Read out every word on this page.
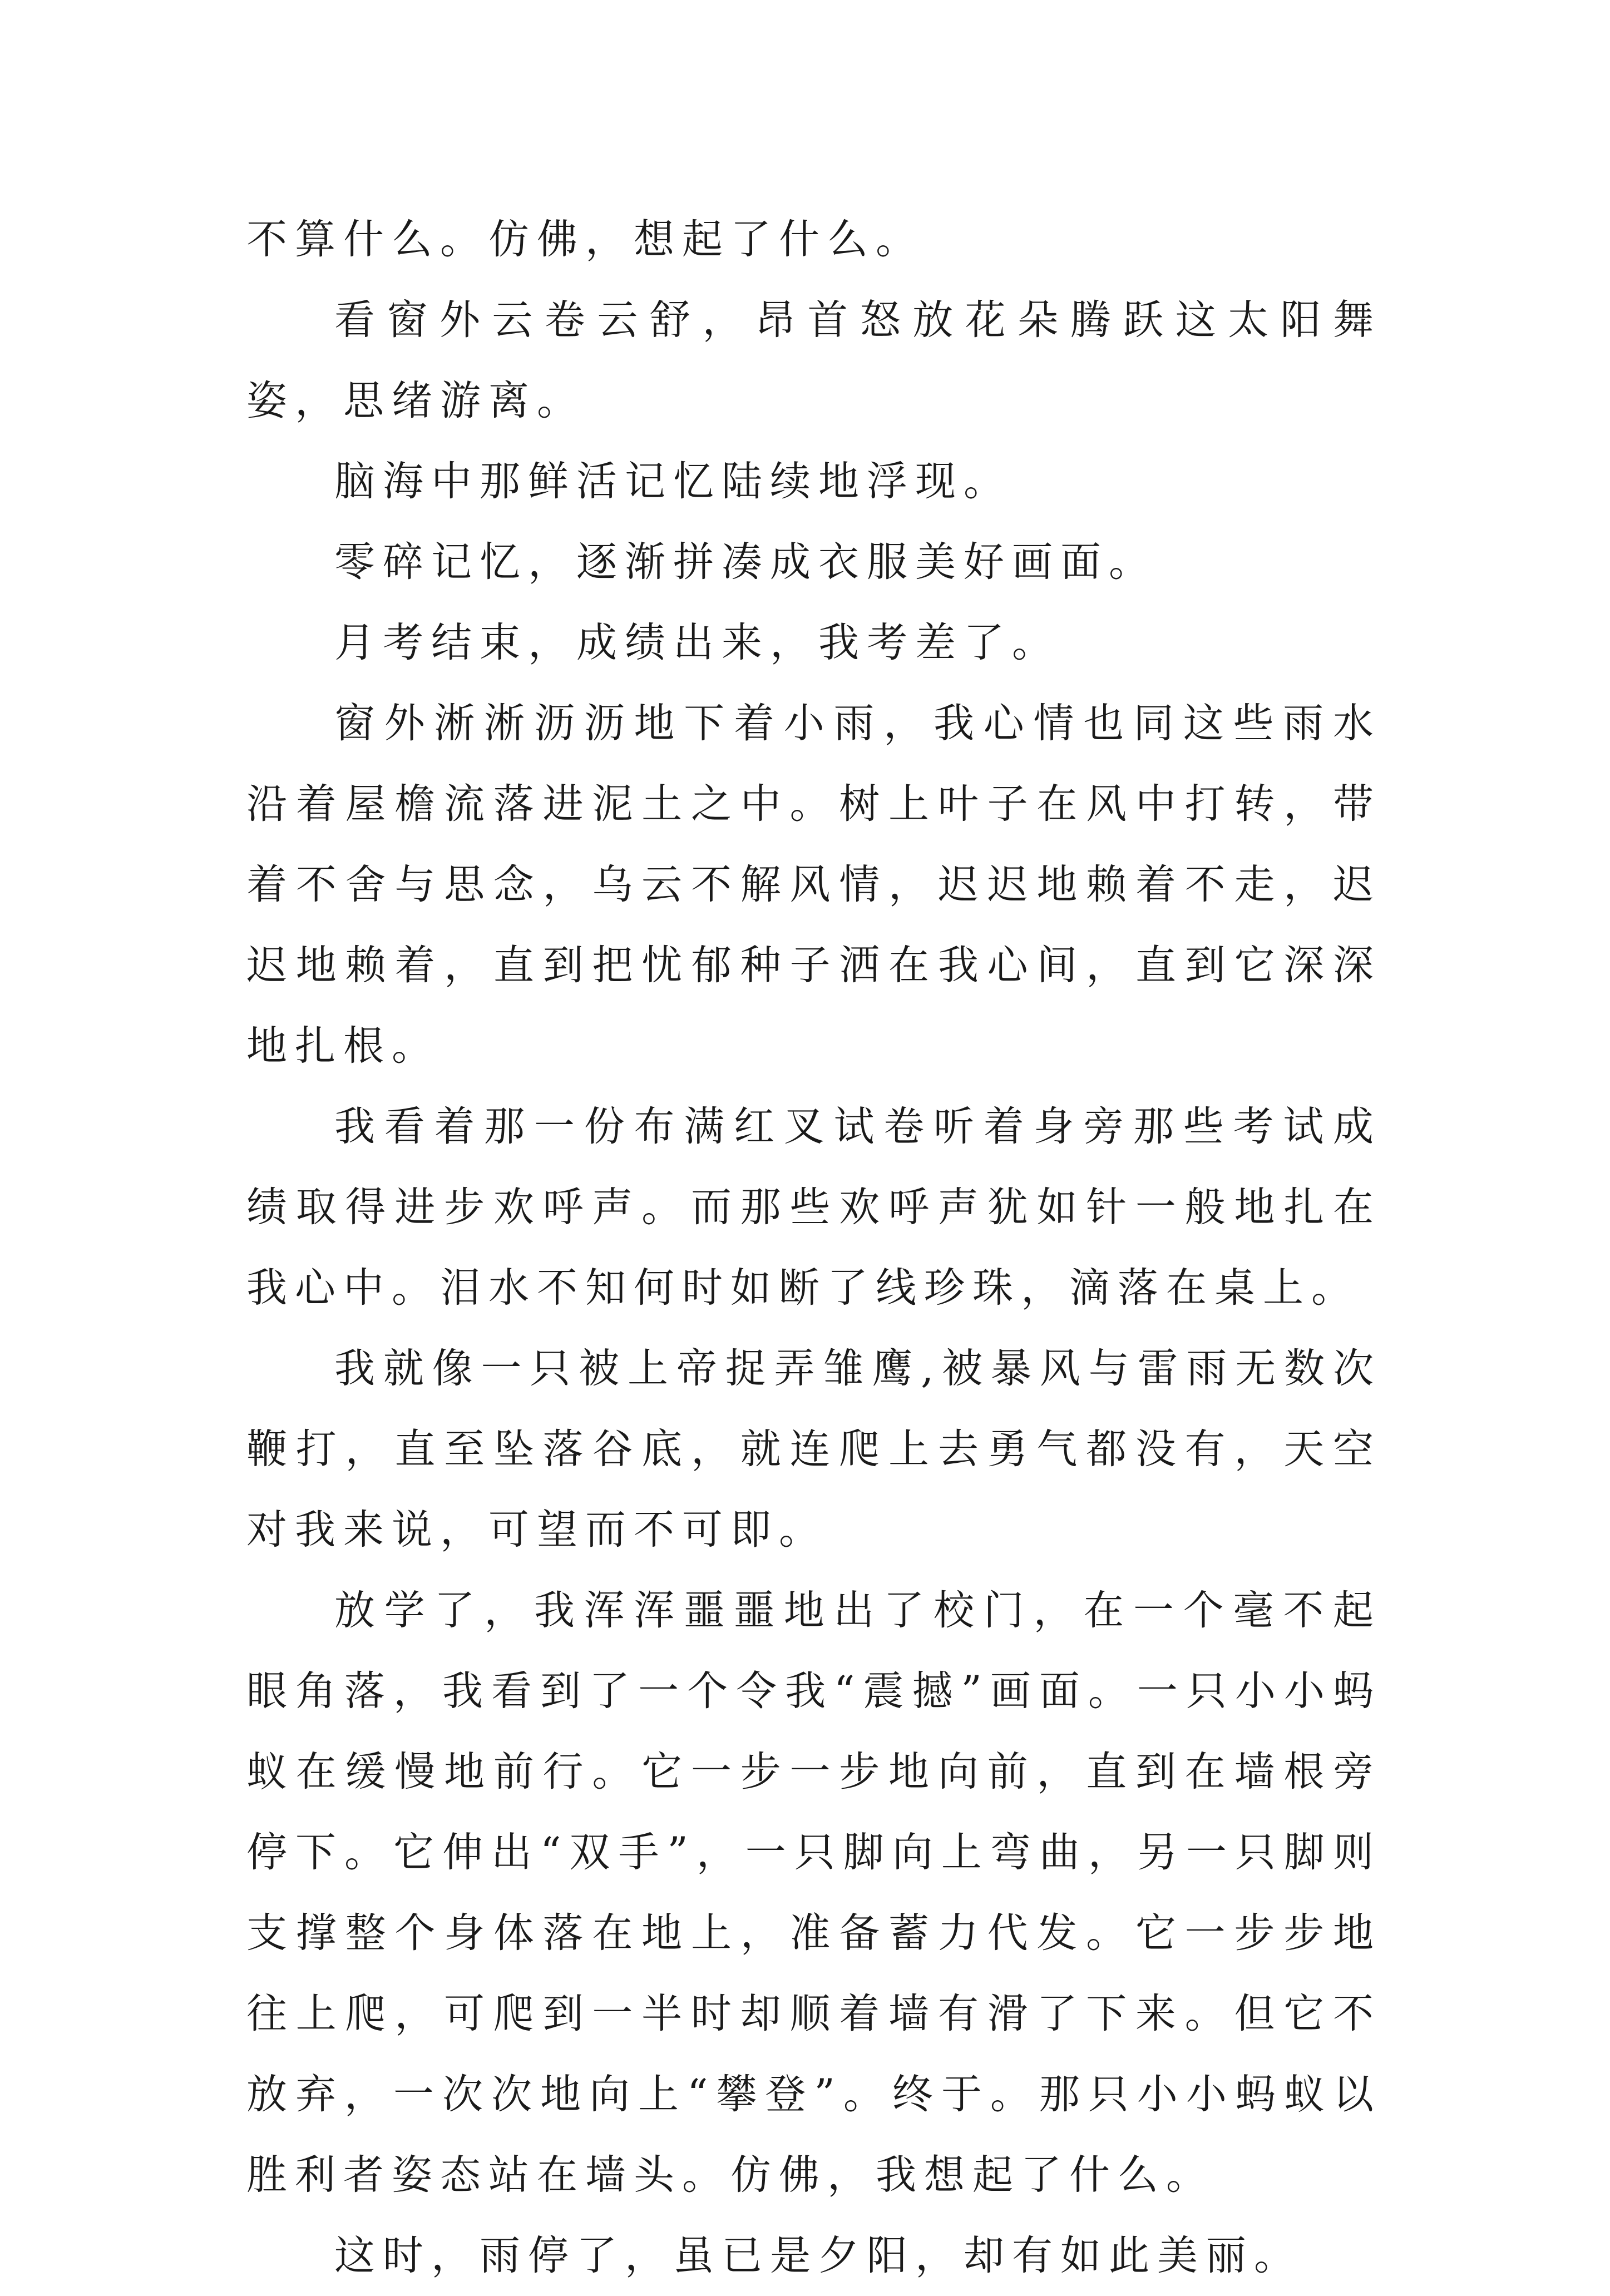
不算什么。仿佛，想起了什么。

看窗外云卷云舒，昂首怒放花朵腾跃这太阳舞姿，思绪游离。

脑海中那鲜活记忆陆续地浮现。

零碎记忆，逐渐拼凑成衣服美好画面。

月考结束，成绩出来，我考差了。

窗外淅淅沥沥地下着小雨，我心情也同这些雨水沿着屋檐流落进泥土之中。树上叶子在风中打转，带着不舍与思念，乌云不解风情，迟迟地赖着不走，迟迟地赖着，直到把忧郁种子洒在我心间，直到它深深地扎根。

我看着那一份布满红叉试卷听着身旁那些考试成绩取得进步欢呼声。而那些欢呼声犹如针一般地扎在我心中。泪水不知何时如断了线珍珠，滴落在桌上。

我就像一只被上帝捉弄雏鹰,被暴风与雷雨无数次鞭打，直至坠落谷底，就连爬上去勇气都没有，天空对我来说，可望而不可即。

放学了，我浑浑噩噩地出了校门，在一个毫不起眼角落，我看到了一个令我“震撼”画面。一只小小蚂蚁在缓慢地前行。它一步一步地向前，直到在墙根旁停下。它伸出“双手”，一只脚向上弯曲，另一只脚则支撑整个身体落在地上，准备蓄力代发。它一步步地往上爬，可爬到一半时却顺着墙有滑了下来。但它不放弃，一次次地向上“攀登”。终于。那只小小蚂蚁以胜利者姿态站在墙头。仿佛，我想起了什么。

这时，雨停了，虽已是夕阳，却有如此美丽。
